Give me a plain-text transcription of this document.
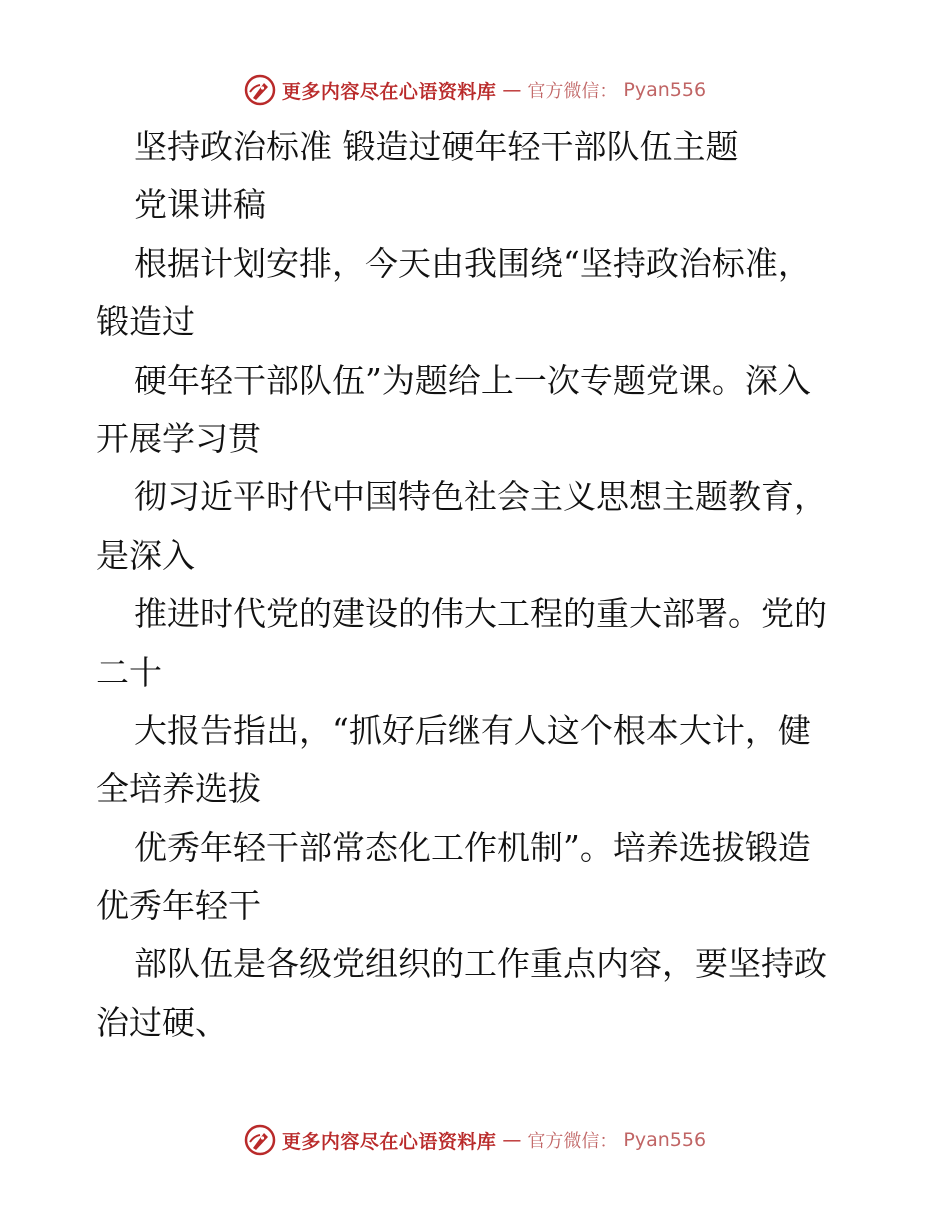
更多内容尽在心语资料库 — 官方微信： Pyan556
坚持政治标准 锻造过硬年轻干部队伍主题
党课讲稿
根据计划安排，今天由我围绕“坚持政治标准，
锻造过
硬年轻干部队伍”为题给上一次专题党课。深入
开展学习贯
彻习近平时代中国特色社会主义思想主题教育，
是深入
推进时代党的建设的伟大工程的重大部署。党的
二十
大报告指出，“抓好后继有人这个根本大计，健
全培养选拔
优秀年轻干部常态化工作机制”。培养选拔锻造
优秀年轻干
部队伍是各级党组织的工作重点内容，要坚持政
治过硬、
更多内容尽在心语资料库 — 官方微信： Pyan556
